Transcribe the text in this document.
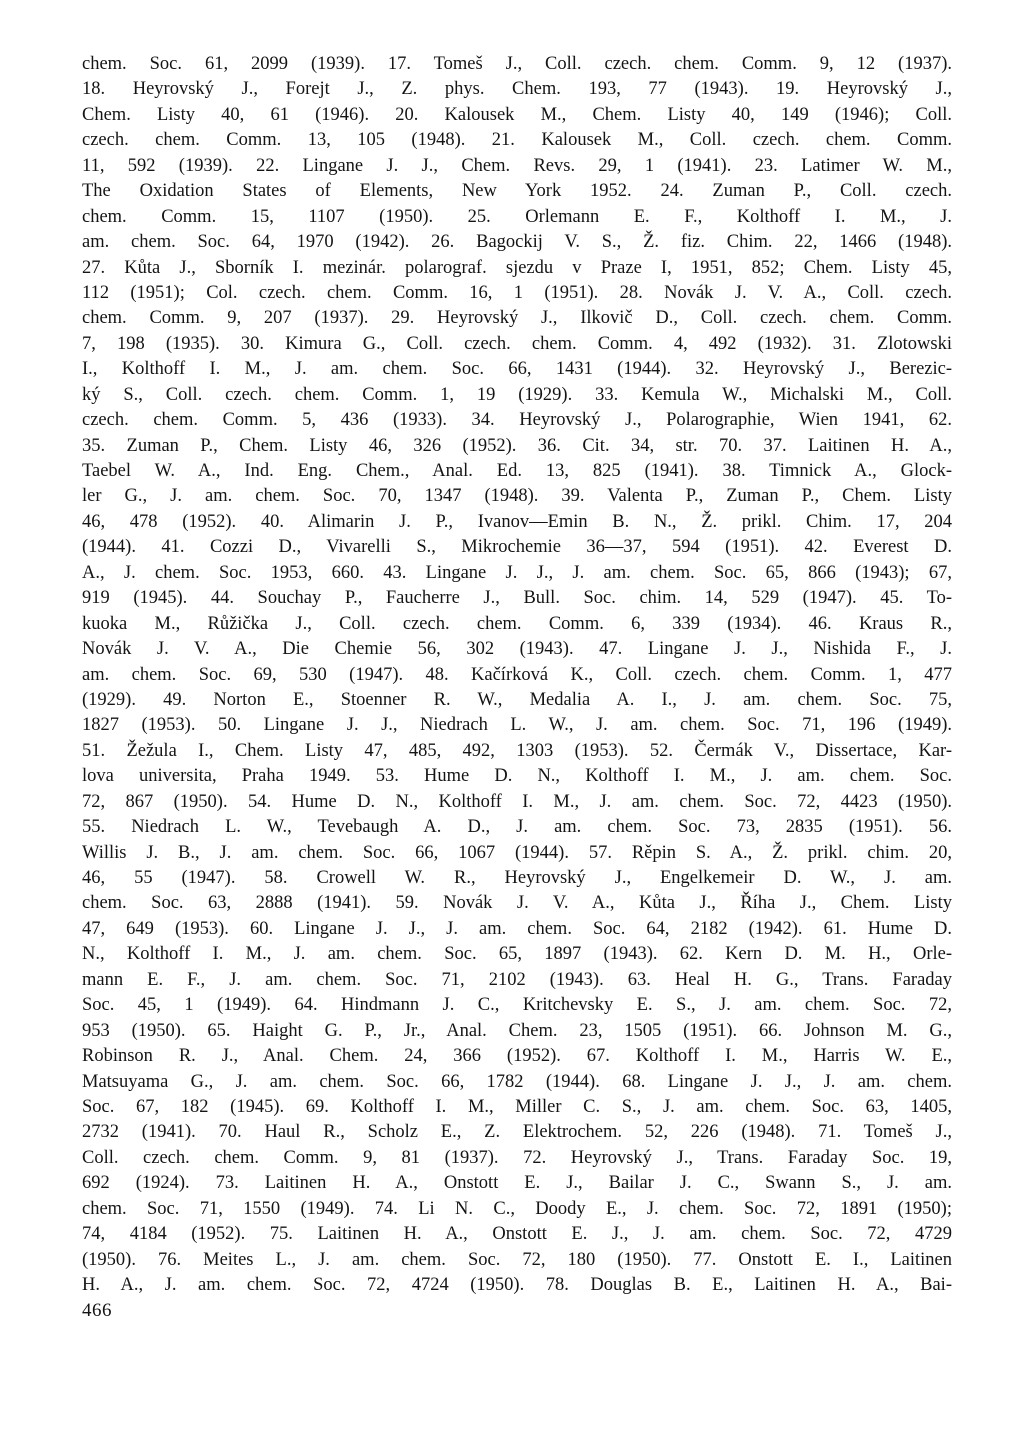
chem. Soc. 61, 2099 (1939). 17. Tomeš J., Coll. czech. chem. Comm. 9, 12 (1937).
18. Heyrovský J., Forejt J., Z. phys. Chem. 193, 77 (1943). 19. Heyrovský J.,
Chem. Listy 40, 61 (1946). 20. Kalousek M., Chem. Listy 40, 149 (1946); Coll.
czech. chem. Comm. 13, 105 (1948). 21. Kalousek M., Coll. czech. chem. Comm.
11, 592 (1939). 22. Lingane J. J., Chem. Revs. 29, 1 (1941). 23. Latimer W. M.,
The Oxidation States of Elements, New York 1952. 24. Zuman P., Coll. czech.
chem. Comm. 15, 1107 (1950). 25. Orlemann E. F., Kolthoff I. M., J.
am. chem. Soc. 64, 1970 (1942). 26. Bagockij V. S., Ž. fiz. Chim. 22, 1466 (1948).
27. Kůta J., Sborník I. mezinár. polarograf. sjezdu v Praze I, 1951, 852; Chem. Listy 45,
112 (1951); Col. czech. chem. Comm. 16, 1 (1951). 28. Novák J. V. A., Coll. czech.
chem. Comm. 9, 207 (1937). 29. Heyrovský J., Ilkovič D., Coll. czech. chem. Comm.
7, 198 (1935). 30. Kimura G., Coll. czech. chem. Comm. 4, 492 (1932). 31. Zlotowski
I., Kolthoff I. M., J. am. chem. Soc. 66, 1431 (1944). 32. Heyrovský J., Berezic-
ký S., Coll. czech. chem. Comm. 1, 19 (1929). 33. Kemula W., Michalski M., Coll.
czech. chem. Comm. 5, 436 (1933). 34. Heyrovský J., Polarographie, Wien 1941, 62.
35. Zuman P., Chem. Listy 46, 326 (1952). 36. Cit. 34, str. 70. 37. Laitinen H. A.,
Taebel W. A., Ind. Eng. Chem., Anal. Ed. 13, 825 (1941). 38. Timnick A., Glock-
ler G., J. am. chem. Soc. 70, 1347 (1948). 39. Valenta P., Zuman P., Chem. Listy
46, 478 (1952). 40. Alimarin J. P., Ivanov—Emin B. N., Ž. prikl. Chim. 17, 204
(1944). 41. Cozzi D., Vivarelli S., Mikrochemie 36—37, 594 (1951). 42. Everest D.
A., J. chem. Soc. 1953, 660. 43. Lingane J. J., J. am. chem. Soc. 65, 866 (1943); 67,
919 (1945). 44. Souchay P., Faucherre J., Bull. Soc. chim. 14, 529 (1947). 45. To-
kuoka M., Růžička J., Coll. czech. chem. Comm. 6, 339 (1934). 46. Kraus R.,
Novák J. V. A., Die Chemie 56, 302 (1943). 47. Lingane J. J., Nishida F., J.
am. chem. Soc. 69, 530 (1947). 48. Kačírková K., Coll. czech. chem. Comm. 1, 477
(1929). 49. Norton E., Stoenner R. W., Medalia A. I., J. am. chem. Soc. 75,
1827 (1953). 50. Lingane J. J., Niedrach L. W., J. am. chem. Soc. 71, 196 (1949).
51. Žežula I., Chem. Listy 47, 485, 492, 1303 (1953). 52. Čermák V., Dissertace, Kar-
lova universita, Praha 1949. 53. Hume D. N., Kolthoff I. M., J. am. chem. Soc.
72, 867 (1950). 54. Hume D. N., Kolthoff I. M., J. am. chem. Soc. 72, 4423 (1950).
55. Niedrach L. W., Tevebaugh A. D., J. am. chem. Soc. 73, 2835 (1951). 56.
Willis J. B., J. am. chem. Soc. 66, 1067 (1944). 57. Rěpin S. A., Ž. prikl. chim. 20,
46, 55 (1947). 58. Crowell W. R., Heyrovský J., Engelkemeir D. W., J. am.
chem. Soc. 63, 2888 (1941). 59. Novák J. V. A., Kůta J., Říha J., Chem. Listy
47, 649 (1953). 60. Lingane J. J., J. am. chem. Soc. 64, 2182 (1942). 61. Hume D.
N., Kolthoff I. M., J. am. chem. Soc. 65, 1897 (1943). 62. Kern D. M. H., Orle-
mann E. F., J. am. chem. Soc. 71, 2102 (1943). 63. Heal H. G., Trans. Faraday
Soc. 45, 1 (1949). 64. Hindmann J. C., Kritchevsky E. S., J. am. chem. Soc. 72,
953 (1950). 65. Haight G. P., Jr., Anal. Chem. 23, 1505 (1951). 66. Johnson M. G.,
Robinson R. J., Anal. Chem. 24, 366 (1952). 67. Kolthoff I. M., Harris W. E.,
Matsuyama G., J. am. chem. Soc. 66, 1782 (1944). 68. Lingane J. J., J. am. chem.
Soc. 67, 182 (1945). 69. Kolthoff I. M., Miller C. S., J. am. chem. Soc. 63, 1405,
2732 (1941). 70. Haul R., Scholz E., Z. Elektrochem. 52, 226 (1948). 71. Tomeš J.,
Coll. czech. chem. Comm. 9, 81 (1937). 72. Heyrovský J., Trans. Faraday Soc. 19,
692 (1924). 73. Laitinen H. A., Onstott E. J., Bailar J. C., Swann S., J. am.
chem. Soc. 71, 1550 (1949). 74. Li N. C., Doody E., J. chem. Soc. 72, 1891 (1950);
74, 4184 (1952). 75. Laitinen H. A., Onstott E. J., J. am. chem. Soc. 72, 4729
(1950). 76. Meites L., J. am. chem. Soc. 72, 180 (1950). 77. Onstott E. I., Laitinen
H. A., J. am. chem. Soc. 72, 4724 (1950). 78. Douglas B. E., Laitinen H. A., Bai-
466
